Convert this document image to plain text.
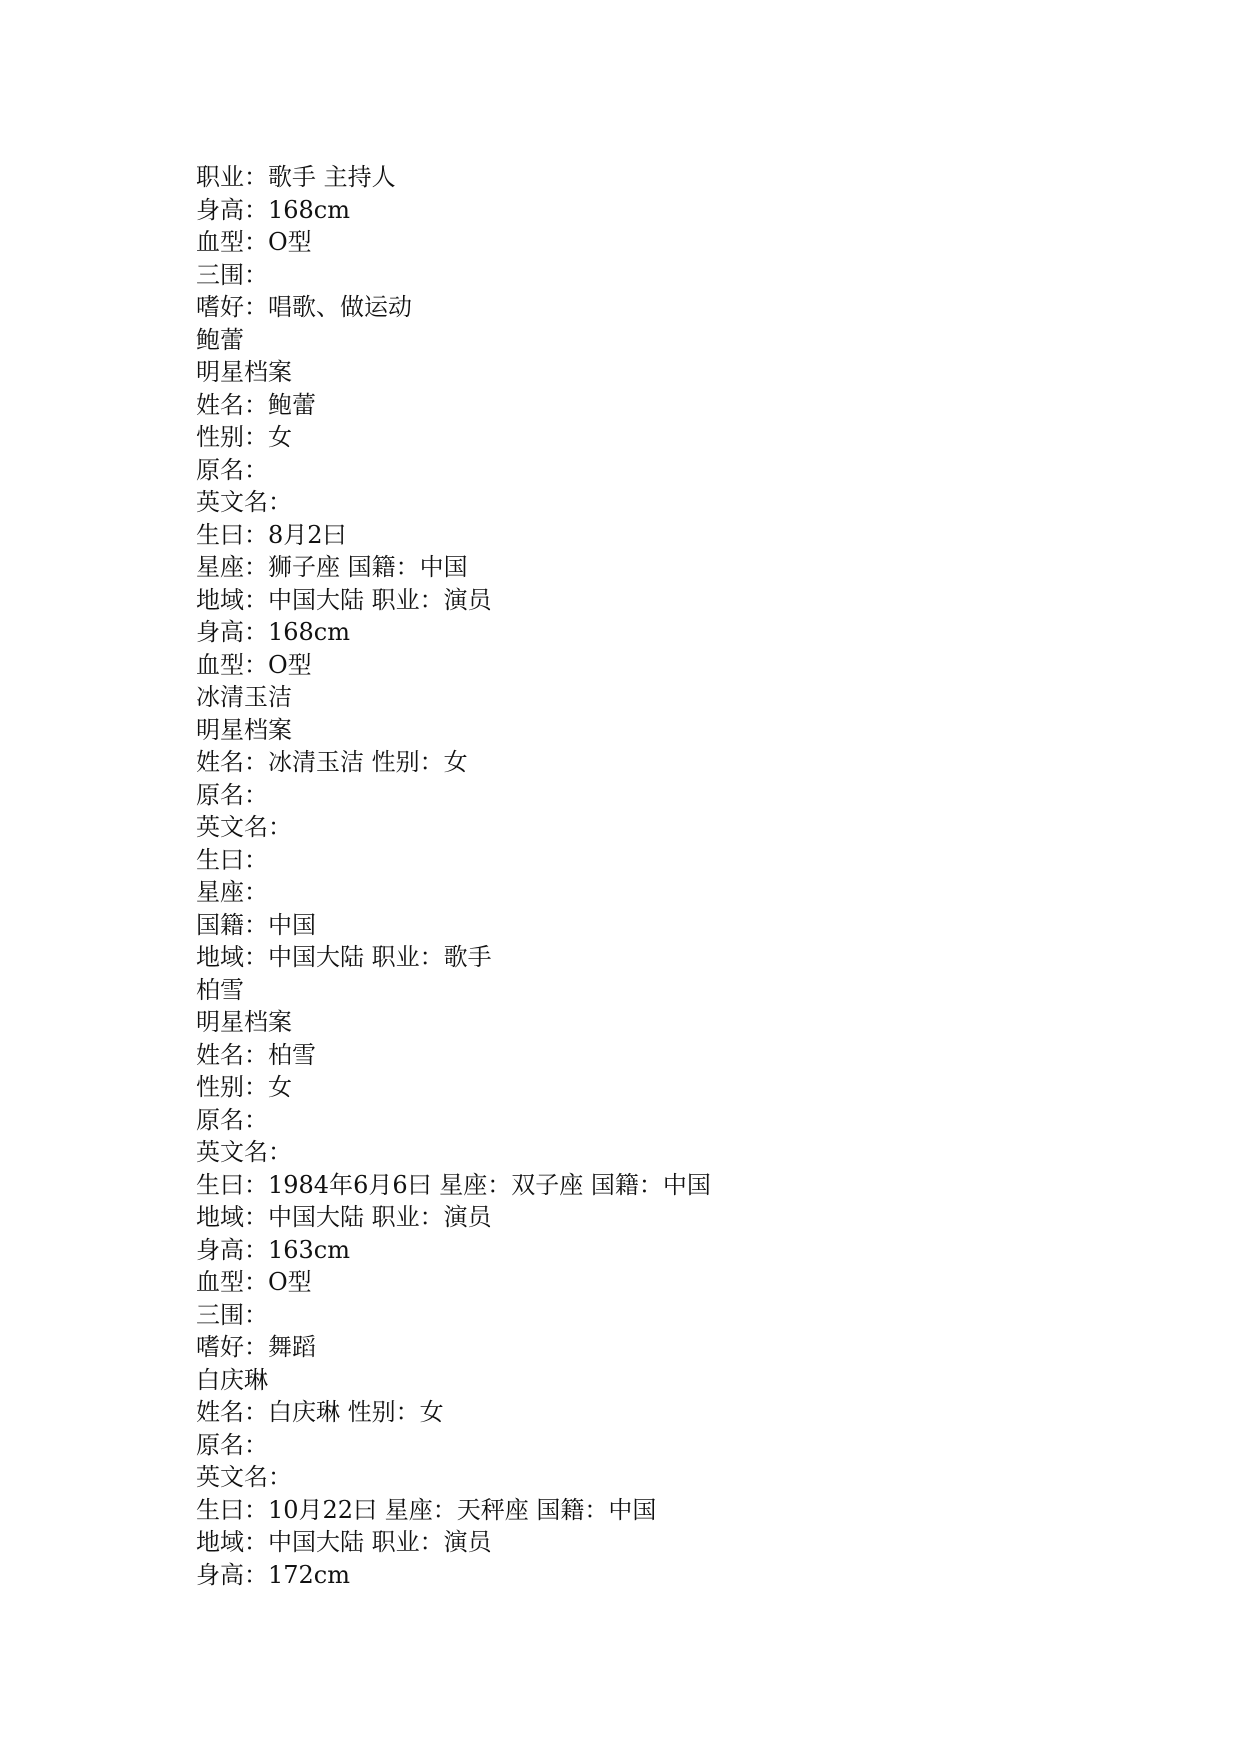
职业：歌手 主持人
身高：168cm
血型：O型
三围：
嗜好：唱歌、做运动
鲍蕾
明星档案
姓名：鲍蕾
性别：女
原名：
英文名：
生曰：8月2曰
星座：狮子座 国籍：中国
地域：中国大陆 职业：演员
身高：168cm
血型：O型
冰清玉洁
明星档案
姓名：冰清玉洁 性别：女
原名：
英文名：
生曰：
星座：
国籍：中国
地域：中国大陆 职业：歌手
柏雪
明星档案
姓名：柏雪
性别：女
原名：
英文名：
生曰：1984年6月6曰 星座：双子座 国籍：中国
地域：中国大陆 职业：演员
身高：163cm
血型：O型
三围：
嗜好：舞蹈
白庆琳
姓名：白庆琳 性别：女
原名：
英文名：
生曰：10月22曰 星座：天秤座 国籍：中国
地域：中国大陆 职业：演员
身高：172cm
